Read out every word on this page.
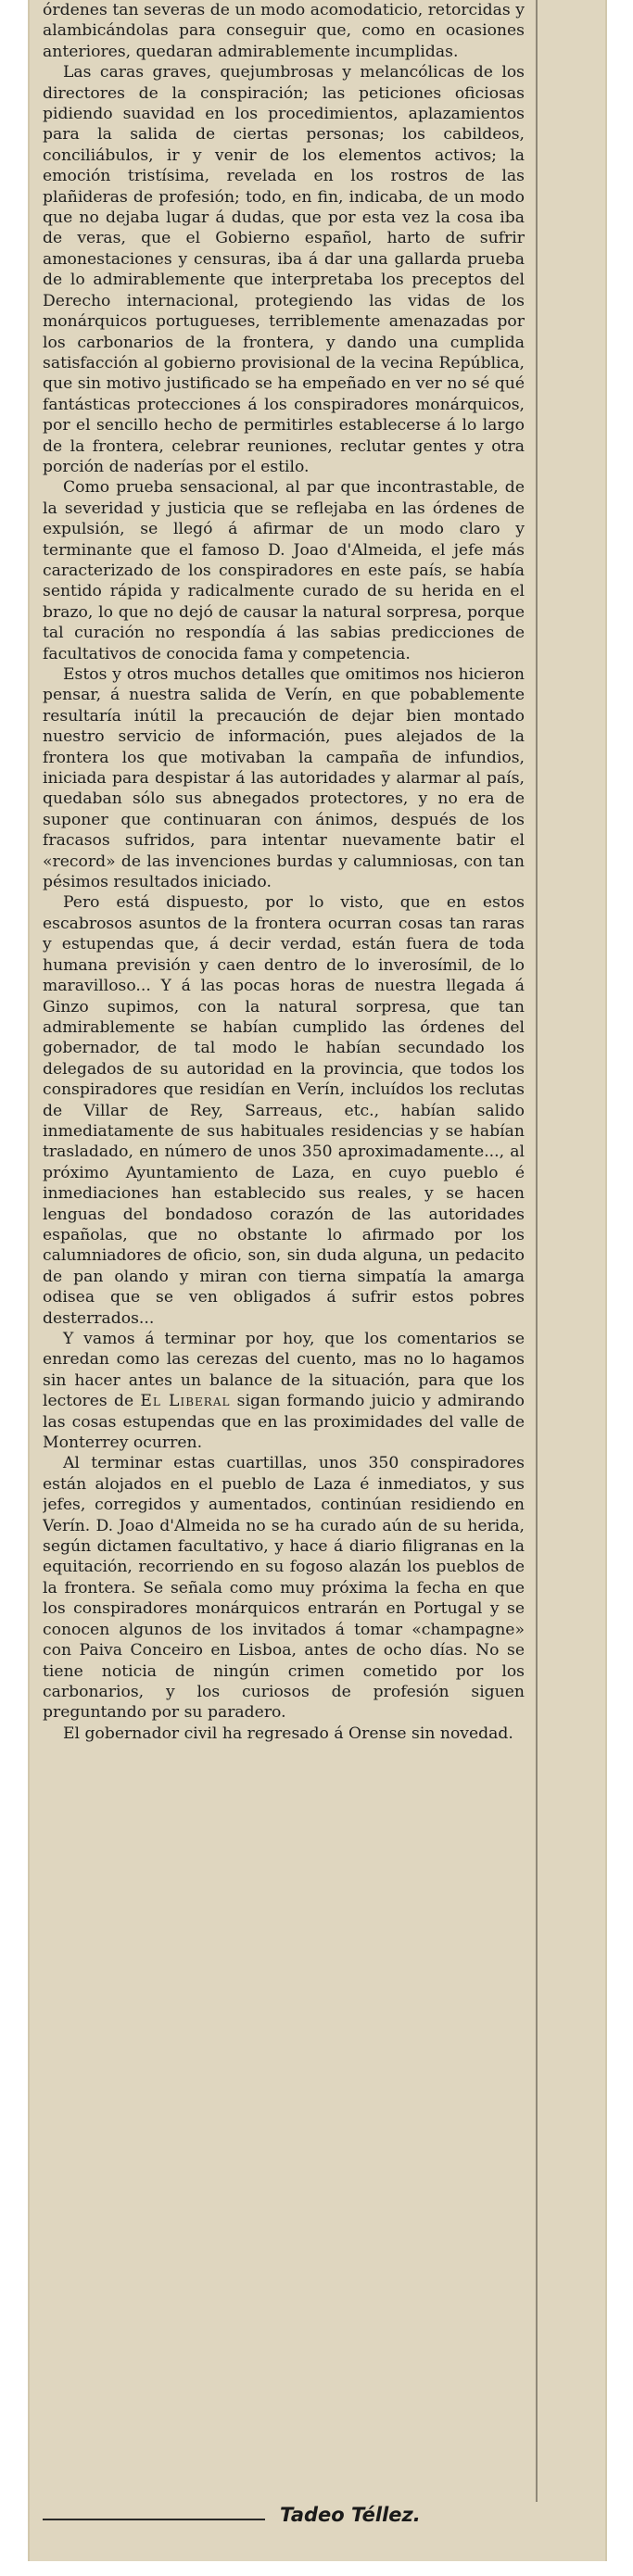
órdenes tan severas de un modo acomodaticio, retorcidas y alambicándolas para conseguir que, como en ocasiones anteriores, quedaran admirablemente incumplidas.

Las caras graves, quejumbrosas y melancólicas de los directores de la conspiración; las peticiones oficiosas pidiendo suavidad en los procedimientos, aplazamientos para la salida de ciertas personas; los cabildeos, conciliábulos, ir y venir de los elementos activos; la emoción tristísima, revelada en los rostros de las plañideras de profesión; todo, en fin, indicaba, de un modo que no dejaba lugar á dudas, que por esta vez la cosa iba de veras, que el Gobierno español, harto de sufrir amonestaciones y censuras, iba á dar una gallarda prueba de lo admirablemente que interpretaba los preceptos del Derecho internacional, protegiendo las vidas de los monárquicos portugueses, terriblemente amenazadas por los carbonarios de la frontera, y dando una cumplida satisfacción al gobierno provisional de la vecina República, que sin motivo justificado se ha empeñado en ver no sé qué fantásticas protecciones á los conspiradores monárquicos, por el sencillo hecho de permitirles establecerse á lo largo de la frontera, celebrar reuniones, reclutar gentes y otra porción de naderías por el estilo.

Como prueba sensacional, al par que incontrastable, de la severidad y justicia que se reflejaba en las órdenes de expulsión, se llegó á afirmar de un modo claro y terminante que el famoso D. Joao d'Almeida, el jefe más caracterizado de los conspiradores en este país, se había sentido rápida y radicalmente curado de su herida en el brazo, lo que no dejó de causar la natural sorpresa, porque tal curación no respondía á las sabias predicciones de facultativos de conocida fama y competencia.

Estos y otros muchos detalles que omitimos nos hicieron pensar, á nuestra salida de Verín, en que pobablemente resultaría inútil la precaución de dejar bien montado nuestro servicio de información, pues alejados de la frontera los que motivaban la campaña de infundios, iniciada para despistar á las autoridades y alarmar al país, quedaban sólo sus abnegados protectores, y no era de suponer que continuaran con ánimos, después de los fracasos sufridos, para intentar nuevamente batir el «record» de las invenciones burdas y calumniosas, con tan pésimos resultados iniciado.

Pero está dispuesto, por lo visto, que en estos escabrosos asuntos de la frontera ocurran cosas tan raras y estupendas que, á decir verdad, están fuera de toda humana previsión y caen dentro de lo inverosímil, de lo maravilloso... Y á las pocas horas de nuestra llegada á Ginzo supimos, con la natural sorpresa, que tan admirablemente se habían cumplido las órdenes del gobernador, de tal modo le habían secundado los delegados de su autoridad en la provincia, que todos los conspiradores que residían en Verín, incluídos los reclutas de Villar de Rey, Sarreaus, etc., habían salido inmediatamente de sus habituales residencias y se habían trasladado, en número de unos 350 aproximadamente..., al próximo Ayuntamiento de Laza, en cuyo pueblo é inmediaciones han establecido sus reales, y se hacen lenguas del bondadoso corazón de las autoridades españolas, que no obstante lo afirmado por los calumniadores de oficio, son, sin duda alguna, un pedacito de pan olando y miran con tierna simpatía la amarga odisea que se ven obligados á sufrir estos pobres desterrados...

Y vamos á terminar por hoy, que los comentarios se enredan como las cerezas del cuento, mas no lo hagamos sin hacer antes un balance de la situación, para que los lectores de El Liberal sigan formando juicio y admirando las cosas estupendas que en las proximidades del valle de Monterrey ocurren.

Al terminar estas cuartillas, unos 350 conspiradores están alojados en el pueblo de Laza é inmediatos, y sus jefes, corregidos y aumentados, continúan residiendo en Verín. D. Joao d'Almeida no se ha curado aún de su herida, según dictamen facultativo, y hace á diario filigranas en la equitación, recorriendo en su fogoso alazán los pueblos de la frontera. Se señala como muy próxima la fecha en que los conspiradores monárquicos entrarán en Portugal y se conocen algunos de los invitados á tomar «champagne» con Paiva Conceiro en Lisboa, antes de ocho días. No se tiene noticia de ningún crimen cometido por los carbonarios, y los curiosos de profesión siguen preguntando por su paradero.

El gobernador civil ha regresado á Orense sin novedad.

Tadeo Téllez.
